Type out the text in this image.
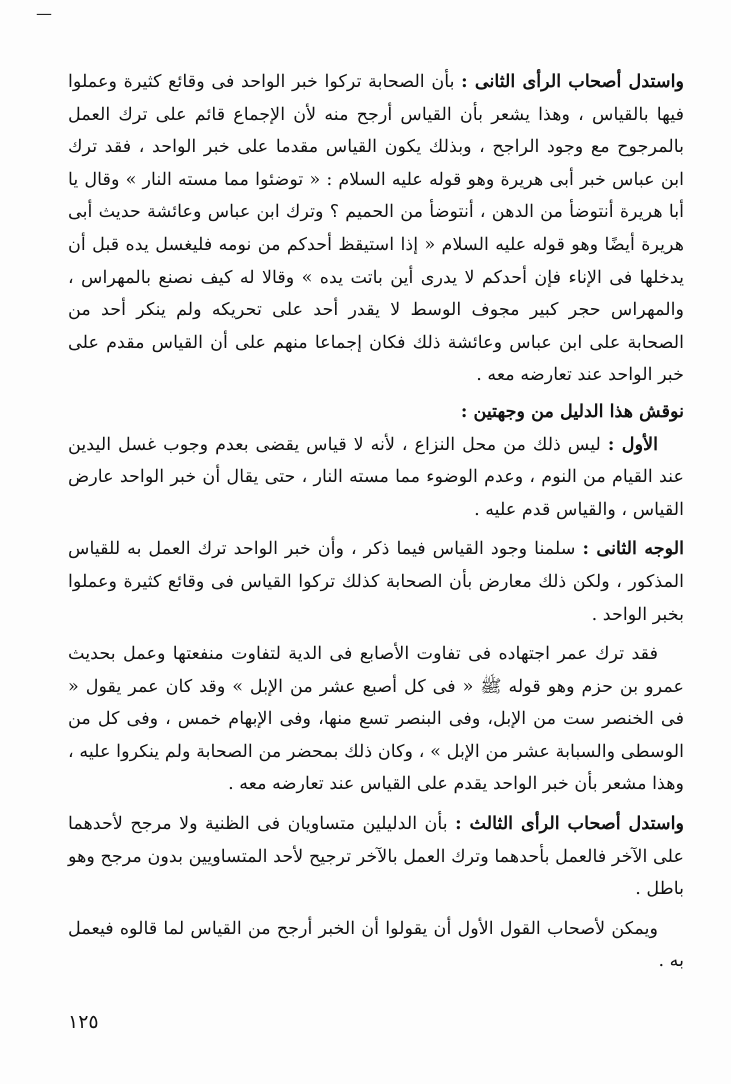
—

واستدل أصحاب الرأى الثانى : بأن الصحابة تركوا خبر الواحد فى وقائع كثيرة وعملوا فيها بالقياس ، وهذا يشعر بأن القياس أرجح منه لأن الإجماع قائم على ترك العمل بالمرجوح مع وجود الراجح ، وبذلك يكون القياس مقدما على خبر الواحد ، فقد ترك ابن عباس خبر أبى هريرة وهو قوله عليه السلام : « توضئوا مما مسته النار » وقال يا أبا هريرة أنتوضأ من الدهن ، أنتوضأ من الحميم ؟ وترك ابن عباس وعائشة حديث أبى هريرة أيضًا وهو قوله عليه السلام « إذا استيقظ أحدكم من نومه فليغسل يده قبل أن يدخلها فى الإناء فإن أحدكم لا يدرى أين باتت يده » وقالا له كيف نصنع بالمهراس ، والمهراس حجر كبير مجوف الوسط لا يقدر أحد على تحريكه ولم ينكر أحد من الصحابة على ابن عباس وعائشة ذلك فكان إجماعا منهم على أن القياس مقدم على خبر الواحد عند تعارضه معه .

نوقش هذا الدليل من وجهتين :

الأول : ليس ذلك من محل النزاع ، لأنه لا قياس يقضى بعدم وجوب غسل اليدين عند القيام من النوم ، وعدم الوضوء مما مسته النار ، حتى يقال أن خبر الواحد عارض القياس ، والقياس قدم عليه .

الوجه الثانى : سلمنا وجود القياس فيما ذكر ، وأن خبر الواحد ترك العمل به للقياس المذكور ، ولكن ذلك معارض بأن الصحابة كذلك تركوا القياس فى وقائع كثيرة وعملوا بخبر الواحد .

فقد ترك عمر اجتهاده فى تفاوت الأصابع فى الدية لتفاوت منفعتها وعمل بحديث عمرو بن حزم وهو قوله ﷺ « فى كل أصبع عشر من الإبل » وقد كان عمر يقول « فى الخنصر ست من الإبل، وفى البنصر تسع منها، وفى الإبهام خمس ، وفى كل من الوسطى والسبابة عشر من الإبل » ، وكان ذلك بمحضر من الصحابة ولم ينكروا عليه ، وهذا مشعر بأن خبر الواحد يقدم على القياس عند تعارضه معه .

واستدل أصحاب الرأى الثالث : بأن الدليلين متساويان فى الظنية ولا مرجح لأحدهما على الآخر فالعمل بأحدهما وترك العمل بالآخر ترجيح لأحد المتساويين بدون مرجح وهو باطل .

ويمكن لأصحاب القول الأول أن يقولوا أن الخبر أرجح من القياس لما قالوه فيعمل به .

١٢٥
